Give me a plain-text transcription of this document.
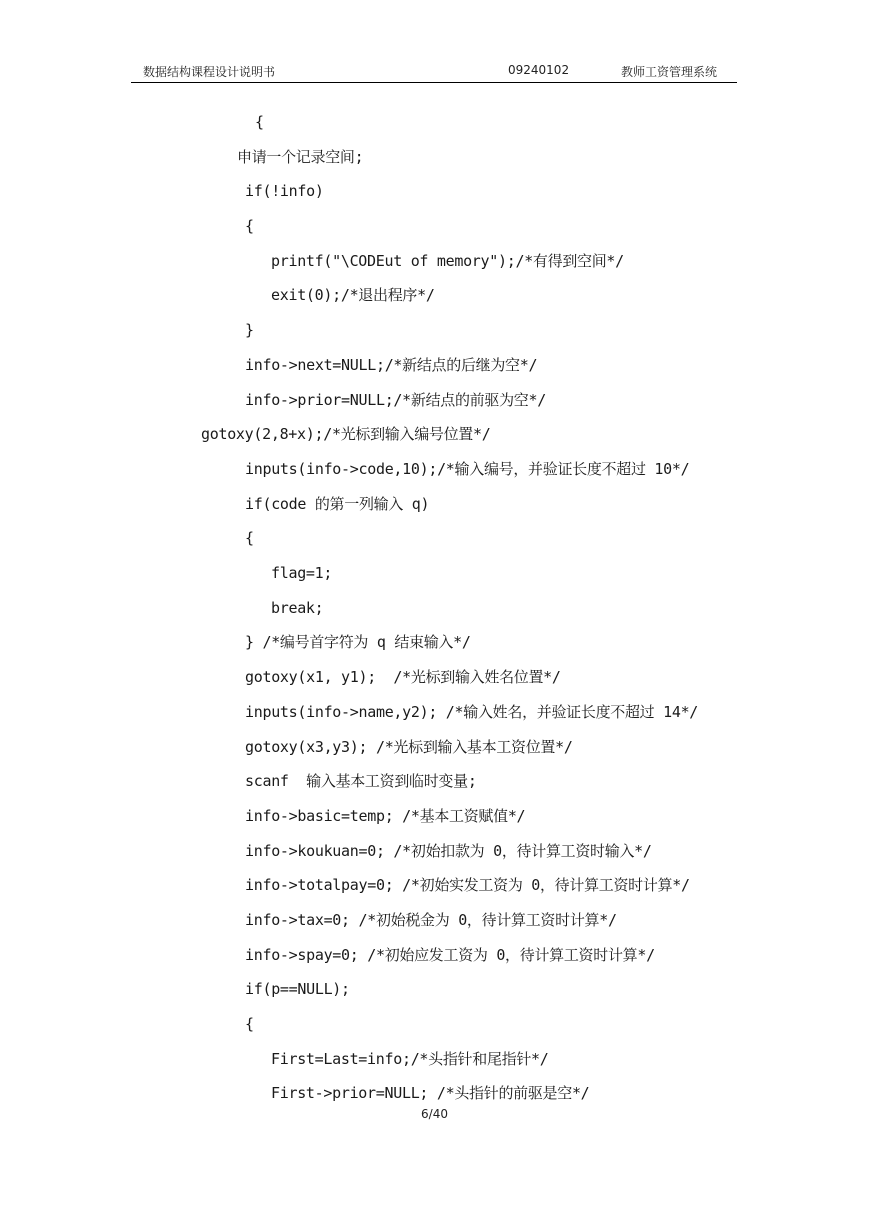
数据结构课程设计说明书	09240102	教师工资管理系统
{
申请一个记录空间;
if(!info)
{
printf("\CODEut of memory");/*有得到空间*/
exit(0);/*退出程序*/
}
info->next=NULL;/*新结点的后继为空*/
info->prior=NULL;/*新结点的前驱为空*/
gotoxy(2,8+x);/*光标到输入编号位置*/
inputs(info->code,10);/*输入编号，并验证长度不超过 10*/
if(code 的第一列输入 q)
{
flag=1;
break;
} /*编号首字符为 q 结束输入*/
gotoxy(x1, y1);  /*光标到输入姓名位置*/
inputs(info->name,y2); /*输入姓名，并验证长度不超过 14*/
gotoxy(x3,y3); /*光标到输入基本工资位置*/
scanf  输入基本工资到临时变量;
info->basic=temp; /*基本工资赋值*/
info->koukuan=0; /*初始扣款为 0，待计算工资时输入*/
info->totalpay=0; /*初始实发工资为 0，待计算工资时计算*/
info->tax=0; /*初始税金为 0，待计算工资时计算*/
info->spay=0; /*初始应发工资为 0，待计算工资时计算*/
if(p==NULL);
{
First=Last=info;/*头指针和尾指针*/
First->prior=NULL; /*头指针的前驱是空*/
6/40
